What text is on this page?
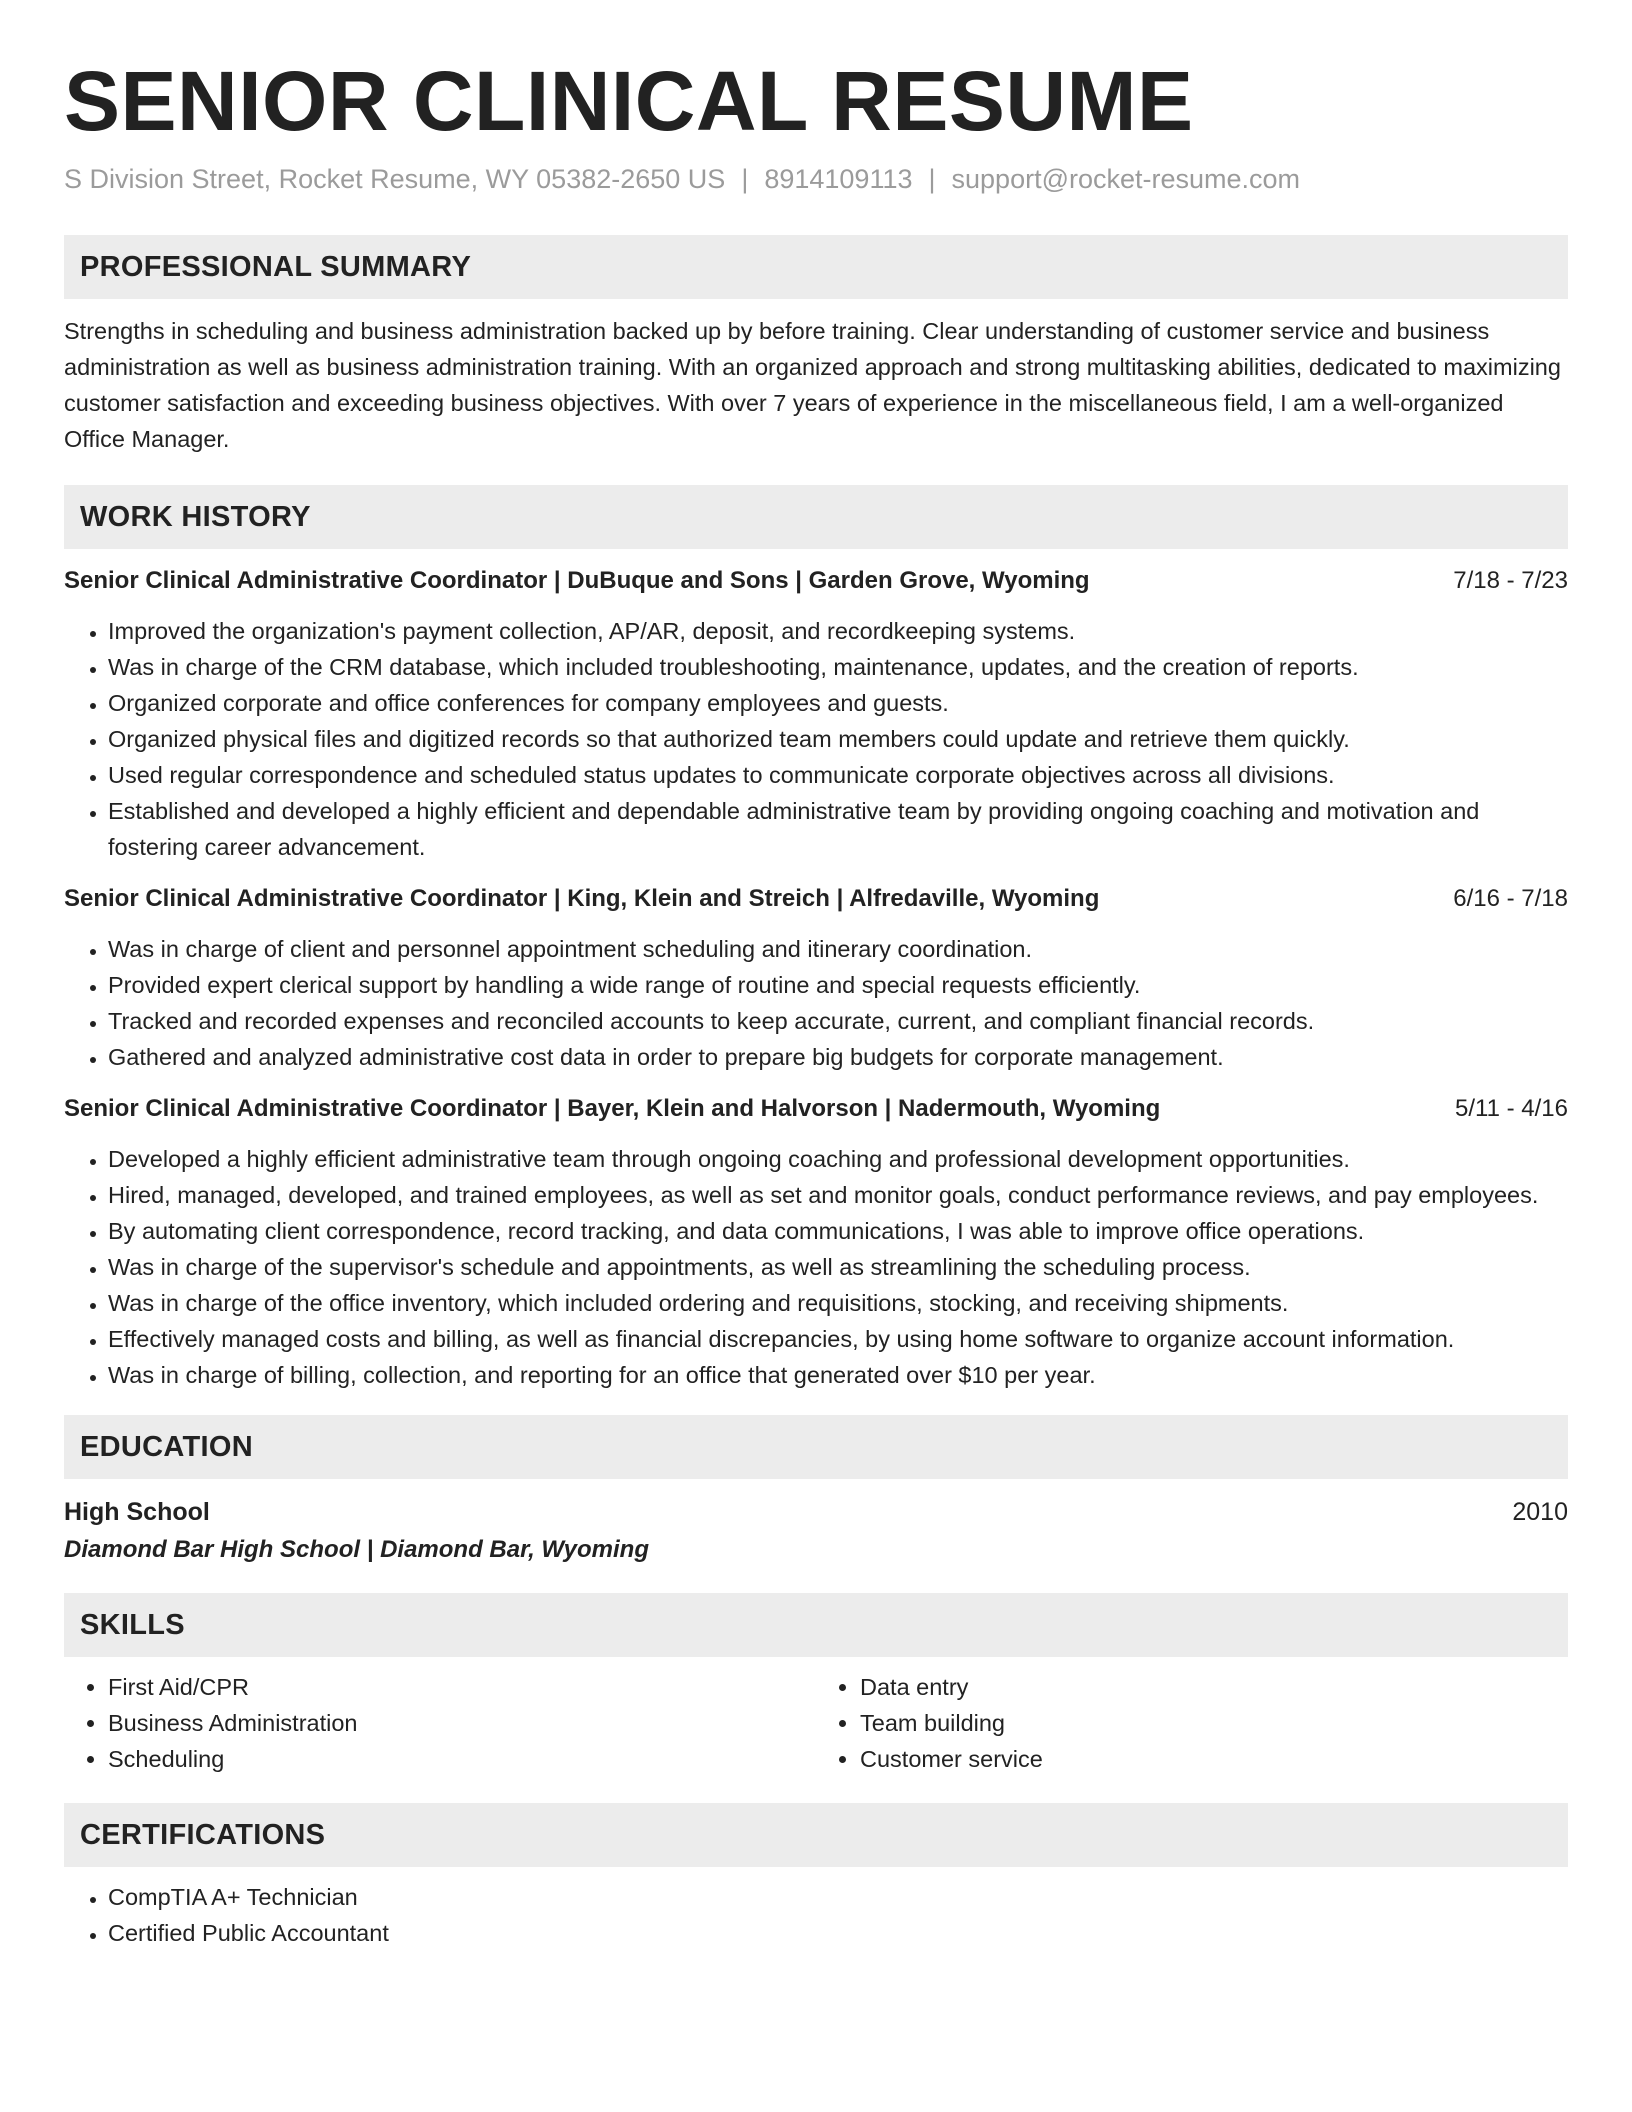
SENIOR CLINICAL RESUME
S Division Street, Rocket Resume, WY 05382-2650 US | 8914109113 | support@rocket-resume.com
PROFESSIONAL SUMMARY

Strengths in scheduling and business administration backed up by before training. Clear understanding of customer service and business administration as well as business administration training. With an organized approach and strong multitasking abilities, dedicated to maximizing customer satisfaction and exceeding business objectives. With over 7 years of experience in the miscellaneous field, I am a well-organized Office Manager.

WORK HISTORY
Senior Clinical Administrative Coordinator | DuBuque and Sons | Garden Grove, Wyoming	7/18 - 7/23
• Improved the organization's payment collection, AP/AR, deposit, and recordkeeping systems.
• Was in charge of the CRM database, which included troubleshooting, maintenance, updates, and the creation of reports.
• Organized corporate and office conferences for company employees and guests.
• Organized physical files and digitized records so that authorized team members could update and retrieve them quickly.
• Used regular correspondence and scheduled status updates to communicate corporate objectives across all divisions.
• Established and developed a highly efficient and dependable administrative team by providing ongoing coaching and motivation and fostering career advancement.
Senior Clinical Administrative Coordinator | King, Klein and Streich | Alfredaville, Wyoming	6/16 - 7/18
• Was in charge of client and personnel appointment scheduling and itinerary coordination.
• Provided expert clerical support by handling a wide range of routine and special requests efficiently.
• Tracked and recorded expenses and reconciled accounts to keep accurate, current, and compliant financial records.
• Gathered and analyzed administrative cost data in order to prepare big budgets for corporate management.
Senior Clinical Administrative Coordinator | Bayer, Klein and Halvorson | Nadermouth, Wyoming	5/11 - 4/16
• Developed a highly efficient administrative team through ongoing coaching and professional development opportunities.
• Hired, managed, developed, and trained employees, as well as set and monitor goals, conduct performance reviews, and pay employees.
• By automating client correspondence, record tracking, and data communications, I was able to improve office operations.
• Was in charge of the supervisor's schedule and appointments, as well as streamlining the scheduling process.
• Was in charge of the office inventory, which included ordering and requisitions, stocking, and receiving shipments.
• Effectively managed costs and billing, as well as financial discrepancies, by using home software to organize account information.
• Was in charge of billing, collection, and reporting for an office that generated over $10 per year.
EDUCATION
High School	2010
Diamond Bar High School | Diamond Bar, Wyoming
SKILLS
• First Aid/CPR
• Business Administration
• Scheduling
• Data entry
• Team building
• Customer service
CERTIFICATIONS
• CompTIA A+ Technician
• Certified Public Accountant
